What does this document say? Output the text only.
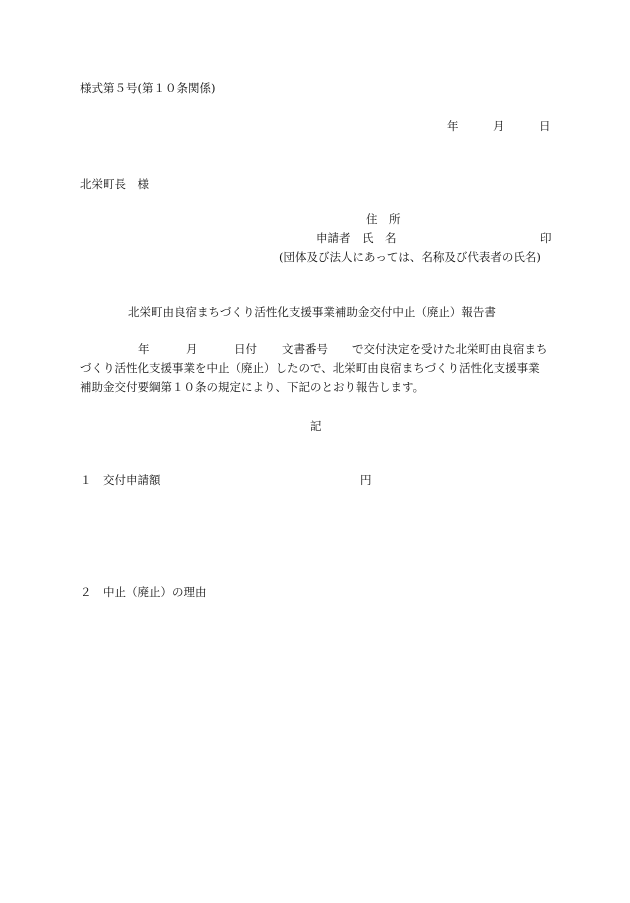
様式第５号(第１０条関係)
年	月	日
北栄町長　様
住　所
申請者　氏　名	印
(団体及び法人にあっては、名称及び代表者の氏名)
北栄町由良宿まちづくり活性化支援事業補助金交付中止（廃止）報告書
年	月	日付 文書番号 で交付決定を受けた北栄町由良宿まち
づくり活性化支援事業を中止（廃止）したので、北栄町由良宿まちづくり活性化支援事業
補助金交付要綱第１０条の規定により、下記のとおり報告します。
記
１　交付申請額	円
２　中止（廃止）の理由
